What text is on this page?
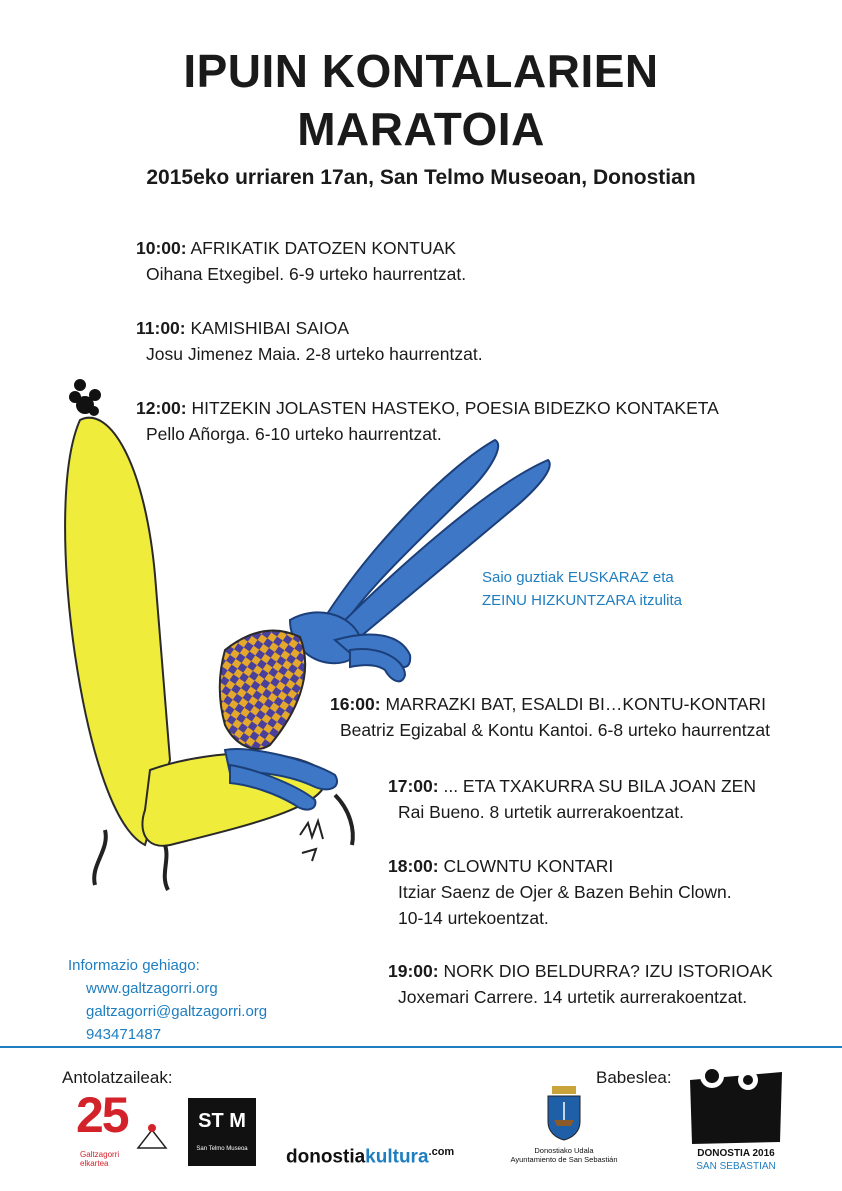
IPUIN KONTALARIEN
MARATOIA
2015eko urriaren 17an, San Telmo Museoan, Donostian
10:00: AFRIKATIK DATOZEN KONTUAK
Oihana Etxegibel. 6-9 urteko haurrentzat.
11:00: KAMISHIBAI SAIOA
Josu Jimenez Maia. 2-8 urteko haurrentzat.
12:00: HITZEKIN JOLASTEN HASTEKO, POESIA BIDEZKO KONTAKETA
Pello Añorga. 6-10 urteko haurrentzat.
16:00: MARRAZKI BAT, ESALDI BI…KONTU-KONTARI
Beatriz Egizabal & Kontu Kantoi. 6-8 urteko haurrentzat
17:00: ... ETA TXAKURRA SU BILA JOAN ZEN
Rai Bueno. 8 urtetik aurrerakoentzat.
18:00: CLOWNTU KONTARI
Itziar Saenz de Ojer & Bazen Behin Clown.
10-14 urtekoentzat.
19:00: NORK DIO BELDURRA? IZU ISTORIOAK
Joxemari Carrere. 14 urtetik aurrerakoentzat.
Saio guztiak EUSKARAZ eta
ZEINU HIZKUNTZARA itzulita
Informazio gehiago:
www.galtzagorri.org
galtzagorri@galtzagorri.org
943471487
Antolatzaileak:	Babeslea:
25
Galtzagorri
elkartea
ST M
San Telmo Museoa	donostiakultura$^{.com}$	Donostiako Udala
Ayuntamiento de San Sebastián
DONOSTIA 2016
SAN SEBASTIAN
